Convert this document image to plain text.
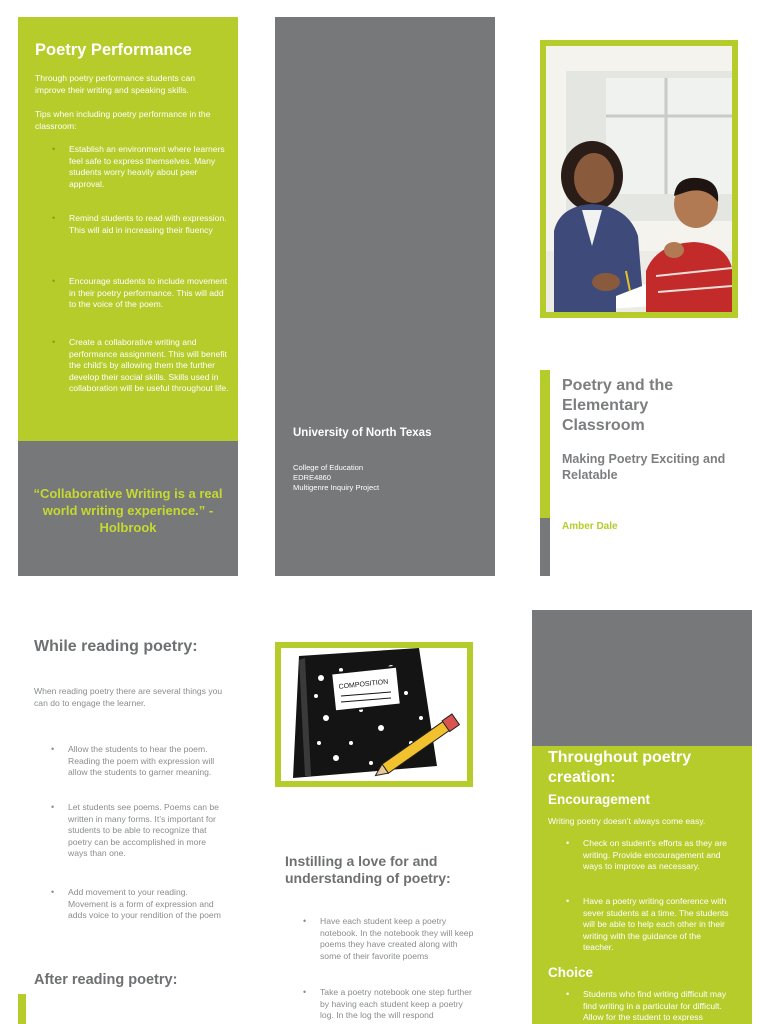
Poetry Performance
Through poetry performance students can improve their writing and speaking skills.
Tips when including poetry performance in the classroom:
• Establish an environment where learners feel safe to express themselves. Many students worry heavily about peer approval.
• Remind students to read with expression. This will aid in increasing their fluency
• Encourage students to include movement in their poetry performance. This will add to the voice of the poem.
• Create a collaborative writing and performance assignment. This will benefit the child’s by allowing them the further develop their social skills. Skills used in collaboration will be useful throughout life.
“Collaborative Writing is a real world writing experience.” -Holbrook
University of North Texas
College of Education
EDRE4860
Multigenre Inquiry Project
Poetry and the Elementary Classroom
Making Poetry Exciting and Relatable
Amber Dale
While reading poetry:
When reading poetry there are several things you can do to engage the learner.
• Allow the students to hear the poem. Reading the poem with expression will allow the students to garner meaning.
• Let students see poems. Poems can be written in many forms. It’s important for students to be able to recognize that poetry can be accomplished in more ways than one.
• Add movement to your reading. Movement is a form of expression and adds voice to your rendition of the poem
After reading poetry:
COMPOSITION
Instilling a love for and understanding of poetry:
• Have each student keep a poetry notebook. In the notebook they will keep poems they have created along with some of their favorite poems
• Take a poetry notebook one step further by having each student keep a poetry log. In the log the will respond
Throughout poetry creation:
Encouragement
Writing poetry doesn’t always come easy.
• Check on student’s efforts as they are writing. Provide encouragement and ways to improve as necessary.
• Have a poetry writing conference with sever students at a time. The students will be able to help each other in their writing with the guidance of the teacher.
Choice
• Students who find writing difficult may find writing in a particular for difficult. Allow for the student to express
